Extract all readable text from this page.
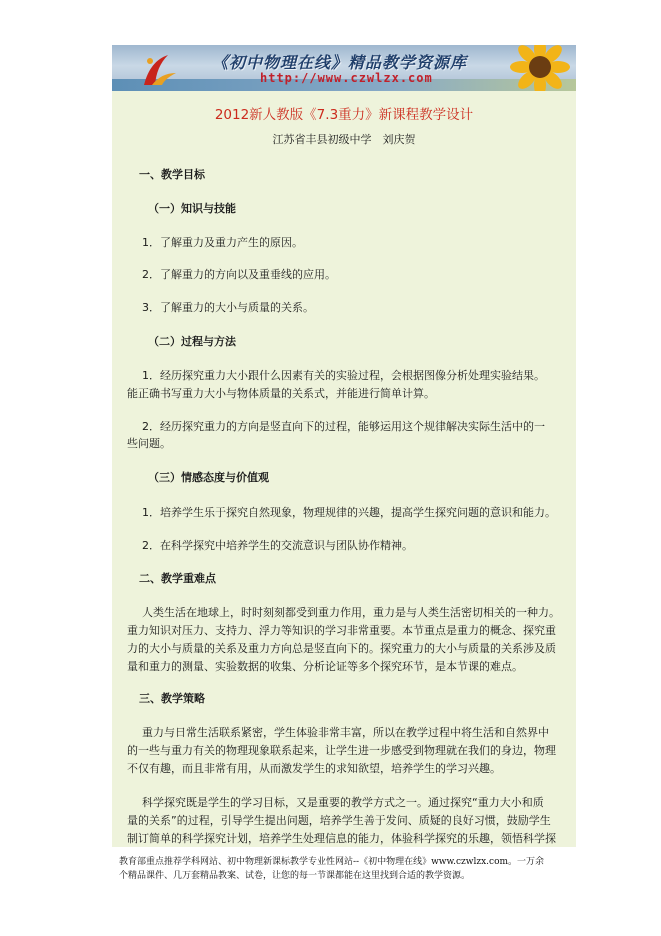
《初中物理在线》精品教学资源库
http://www.czwlzx.com
2012新人教版《7.3重力》新课程教学设计
江苏省丰县初级中学　刘庆贺
一、教学目标
（一）知识与技能
1．了解重力及重力产生的原因。
2．了解重力的方向以及重垂线的应用。
3．了解重力的大小与质量的关系。
（二）过程与方法
1．经历探究重力大小跟什么因素有关的实验过程，会根据图像分析处理实验结果。
能正确书写重力大小与物体质量的关系式，并能进行简单计算。
2．经历探究重力的方向是竖直向下的过程，能够运用这个规律解决实际生活中的一
些问题。
（三）情感态度与价值观
1．培养学生乐于探究自然现象，物理规律的兴趣，提高学生探究问题的意识和能力。
2．在科学探究中培养学生的交流意识与团队协作精神。
二、教学重难点
人类生活在地球上，时时刻刻都受到重力作用，重力是与人类生活密切相关的一种力。
重力知识对压力、支持力、浮力等知识的学习非常重要。本节重点是重力的概念、探究重
力的大小与质量的关系及重力方向总是竖直向下的。探究重力的大小与质量的关系涉及质
量和重力的测量、实验数据的收集、分析论证等多个探究环节，是本节课的难点。
三、教学策略
重力与日常生活联系紧密，学生体验非常丰富，所以在教学过程中将生活和自然界中
的一些与重力有关的物理现象联系起来，让学生进一步感受到物理就在我们的身边，物理
不仅有趣，而且非常有用，从而激发学生的求知欲望，培养学生的学习兴趣。
科学探究既是学生的学习目标，又是重要的教学方式之一。通过探究“重力大小和质
量的关系”的过程，引导学生提出问题，培养学生善于发问、质疑的良好习惯，鼓励学生
制订简单的科学探究计划，培养学生处理信息的能力，体验科学探究的乐趣，领悟科学探
教育部重点推荐学科网站、初中物理新课标教学专业性网站--《初中物理在线》www.czwlzx.com。一万余
个精品课件、几万套精品教案、试卷，让您的每一节课都能在这里找到合适的教学资源。
